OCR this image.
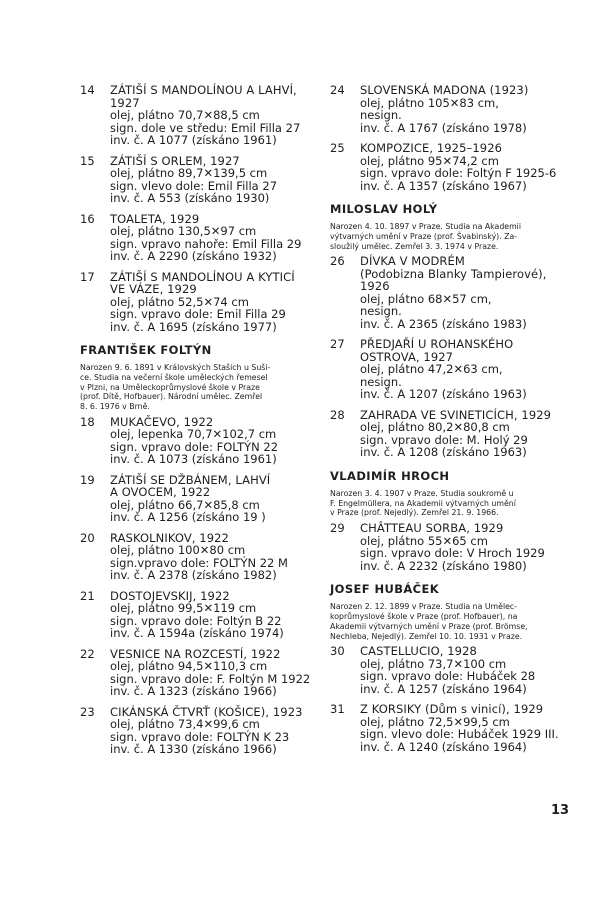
14	ZÁTIŠÍ S MANDOLÍNOU A LAHVÍ,
1927
olej, plátno 70,7✕88,5 cm
sign. dole ve středu: Emil Filla 27
inv. č. A 1077 (získáno 1961)
15	ZÁTIŠÍ S ORLEM, 1927
olej, plátno 89,7✕139,5 cm
sign. vlevo dole: Emil Filla 27
inv. č. A 553 (získáno 1930)
16	TOALETA, 1929
olej, plátno 130,5✕97 cm
sign. vpravo nahoře: Emil Filla 29
inv. č. A 2290 (získáno 1932)
17	ZÁTIŠÍ S MANDOLÍNOU A KYTICÍ
VE VÁZE, 1929
olej, plátno 52,5✕74 cm
sign. vpravo dole: Emil Filla 29
inv. č. A 1695 (získáno 1977)
FRANTIŠEK FOLTÝN
Narozen 9. 6. 1891 v Královských Stašich u Suši-
ce. Studia na večerní škole uměleckých řemesel
v Plzni, na Uměleckoprůmyslové škole v Praze
(prof. Dítě, Hofbauer). Národní umělec. Zemřel
8. 6. 1976 v Brně.
18	MUKAČEVO, 1922
olej, lepenka 70,7✕102,7 cm
sign. vpravo dole: FOLTÝN 22
inv. č. A 1073 (získáno 1961)
19	ZÁTIŠÍ SE DŽBÁNEM, LAHVÍ
A OVOCEM, 1922
olej, plátno 66,7✕85,8 cm
inv. č. A 1256 (získáno 19 )
20	RASKOLNIKOV, 1922
olej, plátno 100✕80 cm
sign.vpravo dole: FOLTÝN 22 M
inv. č. A 2378 (získáno 1982)
21	DOSTOJEVSKIJ, 1922
olej, plátno 99,5✕119 cm
sign. vpravo dole: Foltýn B 22
inv. č. A 1594a (získáno 1974)
22	VESNICE NA ROZCESTÍ, 1922
olej, plátno 94,5✕110,3 cm
sign. vpravo dole: F. Foltýn M 1922
inv. č. A 1323 (získáno 1966)
23	CIKÁNSKÁ ČTVRŤ (KOŠICE), 1923
olej, plátno 73,4✕99,6 cm
sign. vpravo dole: FOLTÝN K 23
inv. č. A 1330 (získáno 1966)
24	SLOVENSKÁ MADONA (1923)
olej, plátno 105✕83 cm,
nesign.
inv. č. A 1767 (získáno 1978)
25	KOMPOZICE, 1925–1926
olej, plátno 95✕74,2 cm
sign. vpravo dole: Foltýn F 1925-6
inv. č. A 1357 (získáno 1967)
MILOSLAV HOLÝ
Narozen 4. 10. 1897 v Praze. Studia na Akademii
výtvarných umění v Praze (prof. Švabinský). Za-
sloužilý umělec. Zemřel 3. 3. 1974 v Praze.
26	DÍVKA V MODRÉM
(Podobizna Blanky Tampierové),
1926
olej, plátno 68✕57 cm,
nesign.
inv. č. A 2365 (získáno 1983)
27	PŘEDJAŘÍ U ROHANSKÉHO
OSTROVA, 1927
olej, plátno 47,2✕63 cm,
nesign.
inv. č. A 1207 (získáno 1963)
28	ZAHRADA VE SVINETICÍCH, 1929
olej, plátno 80,2✕80,8 cm
sign. vpravo dole: M. Holý 29
inv. č. A 1208 (získáno 1963)
VLADIMÍR HROCH
Narozen 3. 4. 1907 v Praze. Studia soukromě u
F. Engelmüllera, na Akademii výtvarných umění
v Praze (prof. Nejedlý). Zemřel 21. 9. 1966.
29	CHÂTTEAU SORBA, 1929
olej, plátno 55✕65 cm
sign. vpravo dole: V Hroch 1929
inv. č. A 2232 (získáno 1980)
JOSEF HUBÁČEK
Narozen 2. 12. 1899 v Praze. Studia na Umělec-
koprůmyslové škole v Praze (prof. Hofbauer), na
Akademii výtvarných umění v Praze (prof. Brömse,
Nechleba, Nejedlý). Zemřel 10. 10. 1931 v Praze.
30	CASTELLUCIO, 1928
olej, plátno 73,7✕100 cm
sign. vpravo dole: Hubáček 28
inv. č. A 1257 (získáno 1964)
31	Z KORSIKY (Dům s vinicí), 1929
olej, plátno 72,5✕99,5 cm
sign. vlevo dole: Hubáček 1929 III.
inv. č. A 1240 (získáno 1964)
13
